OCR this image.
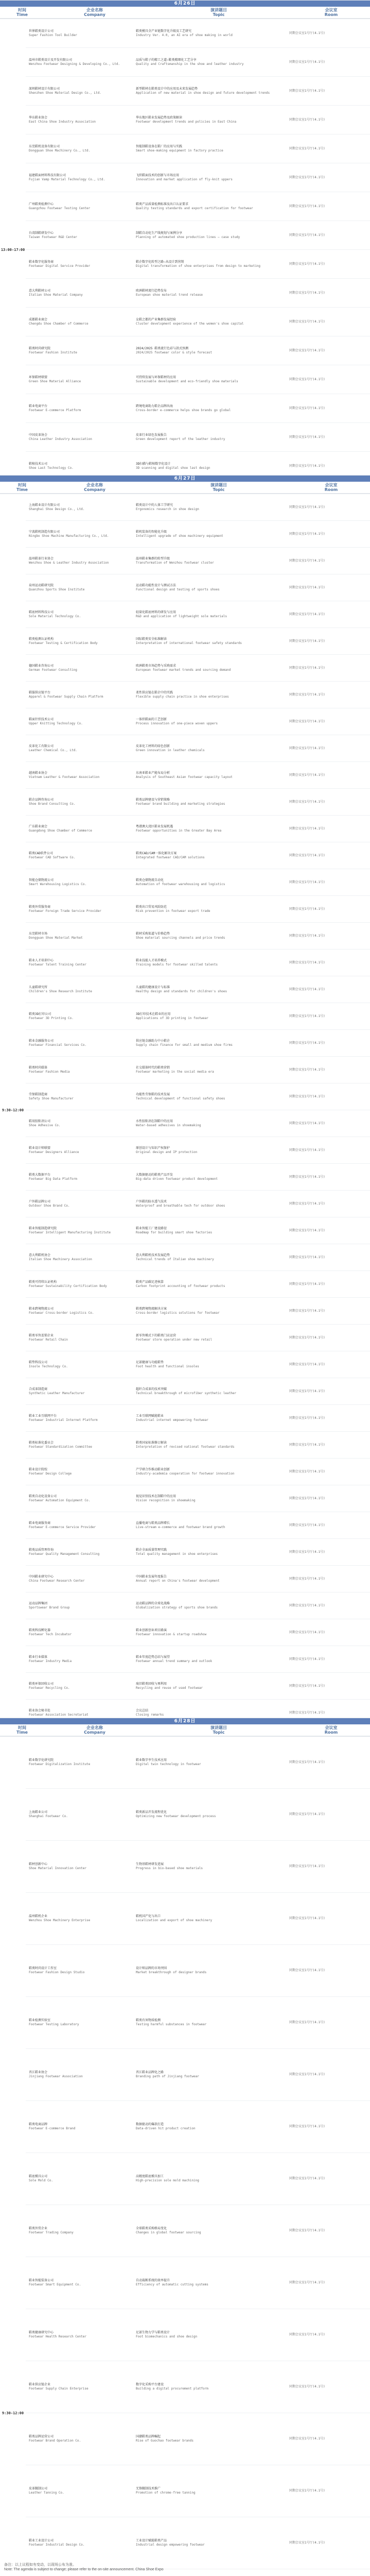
6月26日
时间
Time
企业名称
Company
演讲题目
Topic
会议室
Room
13:00-17:00
世界鞋类设计公司
Super Fashion Tool Builder
鞋类模具全产业链数字化升级及工艺研究
Industry Ver. 4.0, an AI era of shoe making in world
同期会议室1号厅(4.1号)
温州市鞋类设计及开发有限公司
Wenzhou Footwear Designing & Developing Co., Ltd.
品质与鞋子的精工之道—鞋类精细化工艺分享
Quality and Craftsmanship in the shoe and leather industry
同期会议室1号厅(4.1号)
深圳鞋材设计有限公司
Shenzhen Shoe Material Design Co., Ltd.
新型鞋材在鞋类设计中的应用及未来发展趋势
Application of new material in shoe design and future development trends
同期会议室1号厅(4.1号)
华东鞋业协会
East China Shoe Industry Association
华东地区鞋业发展趋势及政策解读
Footwear development trends and policies in East China
同期会议室1号厅(4.1号)
东莞鞋机设备有限公司
Dongguan Shoe Machinery Co., Ltd.
智能制鞋设备在鞋厂的应用与实践
Smart shoe-making equipment in factory practice
同期会议室1号厅(4.1号)
福建鞋面材料科技有限公司
Fujian Vamp Material Technology Co., Ltd.
飞织鞋面技术的创新与市场应用
Innovation and market application of fly-knit uppers
同期会议室1号厅(4.1号)
广州鞋类检测中心
Guangzhou Footwear Testing Center
鞋类产品质量检测标准及出口认证要求
Quality testing standards and export certification for footwear
同期会议室1号厅(4.1号)
台湾制鞋研发中心
Taiwan Footwear R&D Center
制鞋自动化生产线规划与案例分享
Planning of automated shoe production lines — case study
同期会议室1号厅(4.1号)
鞋业数字化服务商
Footwear Digital Service Provider
鞋企数字化转型之路—从设计到营销
Digital transformation of shoe enterprises from design to marketing
同期会议室1号厅(4.1号)
意大利鞋材公司
Italian Shoe Material Company
欧洲鞋材流行趋势发布
European shoe material trend release
同期会议室1号厅(4.1号)
成都鞋业商会
Chengdu Shoe Chamber of Commerce
女鞋之都的产业集群发展经验
Cluster development experience of the women's shoe capital
同期会议室1号厅(4.1号)
鞋类时尚研究院
Footwear Fashion Institute
2024/2025 鞋类流行色彩与款式预测
2024/2025 footwear color & style forecast
同期会议室1号厅(4.1号)
环保鞋材联盟
Green Shoe Material Alliance
可持续发展与环保鞋材的应用
Sustainable development and eco-friendly shoe materials
同期会议室1号厅(4.1号)
鞋业电商平台
Footwear E-commerce Platform
跨境电商助力鞋企品牌出海
Cross-border e-commerce helps shoe brands go global
同期会议室1号厅(4.1号)
中国皮革协会
China Leather Industry Association
皮革行业绿色发展报告
Green development report of the leather industry
同期会议室1号厅(4.1号)
鞋楦技术公司
Shoe Last Technology Co.
3D扫描与鞋楦数字化设计
3D scanning and digital shoe last design
同期会议室1号厅(4.1号)
6月27日
时间
Time
企业名称
Company
演讲题目
Topic
会议室
Room
9:30-12:00
上海鞋业设计有限公司
Shanghai Shoe Design Co., Ltd.
鞋类设计中的人体工学研究
Ergonomics research in shoe design
同期会议室1号厅(4.1号)
宁波鞋机制造有限公司
Ningbo Shoe Machine Manufacturing Co., Ltd.
鞋机装备的智能化升级
Intelligent upgrade of shoe machinery equipment
同期会议室1号厅(4.1号)
温州鞋革行业协会
Wenzhou Shoe & Leather Industry Association
温州鞋业集群的转型升级
Transformation of Wenzhou footwear cluster
同期会议室1号厅(4.1号)
泉州运动鞋研究院
Quanzhou Sports Shoe Institute
运动鞋功能性设计与测试方法
Functional design and testing of sports shoes
同期会议室1号厅(4.1号)
鞋底材料科技公司
Sole Material Technology Co.
轻量化鞋底材料的研发与应用
R&D and application of lightweight sole materials
同期会议室1号厅(4.1号)
鞋类检测认证机构
Footwear Testing & Certification Body
国际鞋类安全标准解读
Interpretation of international footwear safety standards
同期会议室1号厅(4.1号)
德国鞋业咨询公司
German Footwear Consulting
欧洲鞋类市场趋势与采购需求
European footwear market trends and sourcing demand
同期会议室1号厅(4.1号)
鞋服供应链平台
Apparel & Footwear Supply Chain Platform
柔性供应链在鞋企中的实践
Flexible supply chain practice in shoe enterprises
同期会议室1号厅(4.1号)
鞋面针织技术公司
Upper Knitting Technology Co.
一体织鞋面的工艺创新
Process innovation of one-piece woven uppers
同期会议室1号厅(4.1号)
皮革化工有限公司
Leather Chemical Co., Ltd.
皮革化工材料的绿色创新
Green innovation in leather chemicals
同期会议室1号厅(4.1号)
越南鞋业协会
Vietnam Leather & Footwear Association
东南亚鞋业产能布局分析
Analysis of Southeast Asian footwear capacity layout
同期会议室1号厅(4.1号)
鞋企品牌咨询公司
Shoe Brand Consulting Co.
鞋类品牌建设与营销策略
Footwear brand building and marketing strategies
同期会议室1号厅(4.1号)
广东鞋业商会
Guangdong Shoe Chamber of Commerce
粤港澳大湾区鞋业发展机遇
Footwear opportunities in the Greater Bay Area
同期会议室1号厅(4.1号)
鞋类CAD软件公司
Footwear CAD Software Co.
鞋类CAD/CAM一体化解决方案
Integrated footwear CAD/CAM solutions
同期会议室1号厅(4.1号)
智能仓储物流公司
Smart Warehousing Logistics Co.
鞋类仓储物流自动化
Automation of footwear warehousing and logistics
同期会议室1号厅(4.1号)
鞋类外贸服务商
Footwear Foreign Trade Service Provider
鞋类出口贸易风险防范
Risk prevention in footwear export trade
同期会议室1号厅(4.1号)
东莞鞋材市场
Dongguan Shoe Material Market
鞋材采购渠道与价格趋势
Shoe material sourcing channels and price trends
同期会议室1号厅(4.1号)
鞋业人才培训中心
Footwear Talent Training Center
鞋业技能人才培养模式
Training models for footwear skilled talents
同期会议室1号厅(4.1号)
儿童鞋研究所
Children's Shoe Research Institute
儿童鞋的健康设计与标准
Healthy design and standards for children's shoes
同期会议室1号厅(4.1号)
鞋类3D打印公司
Footwear 3D Printing Co.
3D打印技术在鞋业的应用
Applications of 3D printing in footwear
同期会议室1号厅(4.1号)
鞋业金融服务公司
Footwear Financial Services Co.
供应链金融助力中小鞋企
Supply chain finance for small and medium shoe firms
同期会议室1号厅(4.1号)
鞋类时尚媒体
Footwear Fashion Media
社交媒体时代的鞋类营销
Footwear marketing in the social media era
同期会议室1号厅(4.1号)
劳保鞋制造商
Safety Shoe Manufacturer
功能性劳保鞋的技术发展
Technical development of functional safety shoes
同期会议室1号厅(4.1号)
鞋用胶粘剂公司
Shoe Adhesive Co.
水性胶粘剂在制鞋中的应用
Water-based adhesives in shoemaking
同期会议室1号厅(4.1号)
鞋业设计师联盟
Footwear Designers Alliance
原创设计与知识产权保护
Original design and IP protection
同期会议室1号厅(4.1号)
鞋类大数据平台
Footwear Big Data Platform
大数据驱动的鞋类产品开发
Big-data driven footwear product development
同期会议室1号厅(4.1号)
户外鞋品牌公司
Outdoor Shoe Brand Co.
户外鞋的防水透气技术
Waterproof and breathable tech for outdoor shoes
同期会议室1号厅(4.1号)
鞋业智能制造研究院
Footwear Intelligent Manufacturing Institute
鞋业智能工厂建设路径
Roadmap for building smart shoe factories
同期会议室1号厅(4.1号)
意大利鞋机协会
Italian Shoe Machinery Association
意大利鞋机技术发展趋势
Technical trends of Italian shoe machinery
同期会议室1号厅(4.1号)
鞋类可持续认证机构
Footwear Sustainability Certification Body
鞋类产品碳足迹核算
Carbon footprint accounting of footwear products
同期会议室1号厅(4.1号)
鞋业跨境物流公司
Footwear Cross-border Logistics Co.
鞋类跨境物流解决方案
Cross-border logistics solutions for footwear
同期会议室1号厅(4.1号)
鞋类零售连锁企业
Footwear Retail Chain
新零售模式下的鞋类门店运营
Footwear store operation under new retail
同期会议室1号厅(4.1号)
鞋垫科技公司
Insole Technology Co.
足部健康与功能鞋垫
Foot health and functional insoles
同期会议室1号厅(4.1号)
合成革制造商
Synthetic Leather Manufacturer
超纤合成革的技术突破
Technical breakthrough of microfiber synthetic leather
同期会议室1号厅(4.1号)
鞋业工业互联网平台
Footwear Industrial Internet Platform
工业互联网赋能鞋业
Industrial internet empowering footwear
同期会议室1号厅(4.1号)
鞋类标准化委员会
Footwear Standardization Committee
鞋类国家标准修订解读
Interpretation of revised national footwear standards
同期会议室1号厅(4.1号)
鞋业设计院校
Footwear Design College
产学研合作推动鞋业创新
Industry-academia cooperation for footwear innovation
同期会议室1号厅(4.1号)
鞋类自动化设备公司
Footwear Automation Equipment Co.
视觉识别技术在制鞋中的应用
Vision recognition in shoemaking
同期会议室1号厅(4.1号)
鞋业电商服务商
Footwear E-commerce Service Provider
直播电商与鞋类品牌增长
Live-stream e-commerce and footwear brand growth
同期会议室1号厅(4.1号)
鞋类品质管理咨询
Footwear Quality Management Consulting
鞋企全面质量管理实践
Total quality management in shoe enterprises
同期会议室1号厅(4.1号)
中国鞋业研究中心
China Footwear Research Center
中国鞋业发展年度报告
Annual report on China's footwear development
同期会议室1号厅(4.1号)
运动品牌集团
Sportswear Brand Group
运动鞋品牌的全球化战略
Globalization strategy of sports shoe brands
同期会议室1号厅(4.1号)
鞋类科技孵化器
Footwear Tech Incubator
鞋业创新创业项目路演
Footwear innovation & startup roadshow
同期会议室1号厅(4.1号)
鞋业行业媒体
Footwear Industry Media
鞋业年度趋势总结与展望
Footwear annual trend summary and outlook
同期会议室1号厅(4.1号)
鞋类环保回收公司
Footwear Recycling Co.
废旧鞋类回收与再利用
Recycling and reuse of used footwear
同期会议室1号厅(4.1号)
鞋业协会秘书处
Footwear Association Secretariat
会议总结
Closing remarks
同期会议室1号厅(4.1号)
6月28日
时间
Time
企业名称
Company
演讲题目
Topic
会议室
Room
9:30-12:00
鞋业数字化研究院
Footwear Digitalization Institute
鞋业数字孪生技术应用
Digital twin technology in footwear
同期会议室1号厅(4.1号)
上海鞋业公司
Shanghai Footwear Co.
鞋类新品开发流程优化
Optimizing new footwear development process
同期会议室1号厅(4.1号)
鞋材创新中心
Shoe Material Innovation Center
生物基鞋材研发进展
Progress in bio-based shoe materials
同期会议室1号厅(4.1号)
温州鞋机企业
Wenzhou Shoe Machinery Enterprise
鞋机国产化与出口
Localization and export of shoe machinery
同期会议室1号厅(4.1号)
鞋类时尚设计工作室
Footwear Fashion Design Studio
设计师品牌的市场突围
Market breakthrough of designer brands
同期会议室1号厅(4.1号)
鞋业检测实验室
Footwear Testing Laboratory
鞋类有害物质检测
Testing harmful substances in footwear
同期会议室1号厅(4.1号)
晋江鞋业协会
Jinjiang Footwear Association
晋江鞋业品牌化之路
Branding path of Jinjiang footwear
同期会议室1号厅(4.1号)
鞋类电商品牌
Footwear E-commerce Brand
数据驱动的爆款打造
Data-driven hit product creation
同期会议室1号厅(4.1号)
鞋底模具公司
Sole Mold Co.
高精度鞋底模具加工
High-precision sole mold machining
同期会议室1号厅(4.1号)
鞋类外贸企业
Footwear Trading Company
全球鞋类采购格局变化
Changes in global footwear sourcing
同期会议室1号厅(4.1号)
鞋业智能装备公司
Footwear Smart Equipment Co.
自动裁断系统的效率提升
Efficiency of automatic cutting systems
同期会议室1号厅(4.1号)
鞋类健康研究中心
Footwear Health Research Center
足部生物力学与鞋类设计
Foot biomechanics and shoe design
同期会议室1号厅(4.1号)
鞋业供应链企业
Footwear Supply Chain Enterprise
数字化采购平台建设
Building a digital procurement platform
同期会议室1号厅(4.1号)
鞋类品牌运营公司
Footwear Brand Operation Co.
国潮鞋类品牌崛起
Rise of Guochao footwear brands
同期会议室1号厅(4.1号)
皮革鞣制公司
Leather Tanning Co.
无铬鞣制技术推广
Promotion of chrome-free tanning
同期会议室1号厅(4.1号)
鞋业工业设计公司
Footwear Industrial Design Co.
工业设计赋能鞋类产品
Industrial design empowering footwear
同期会议室1号厅(4.1号)
备注：以上议程如有变动，以现场公布为准。
Note: The agenda is subject to change; please refer to the on-site announcement. China Shoe Expo
